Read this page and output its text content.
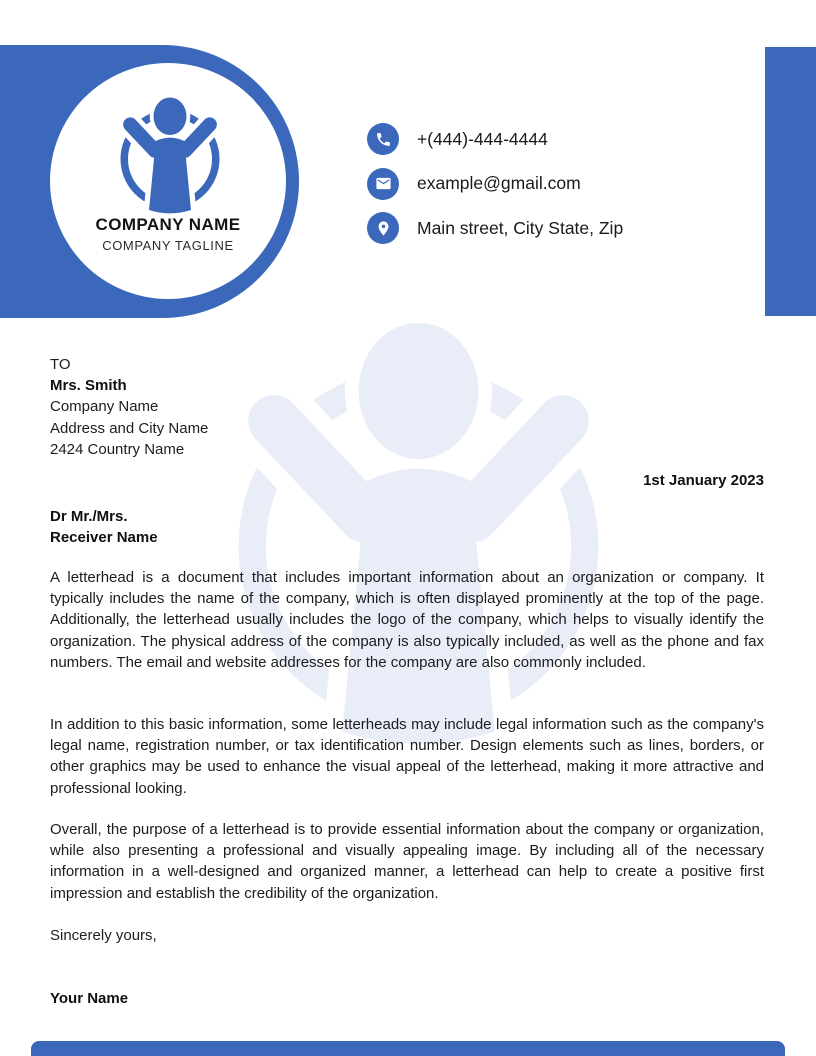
COMPANY NAME
COMPANY TAGLINE
+(444)-444-4444
example@gmail.com
Main street, City State, Zip
TO
Mrs. Smith
Company Name
Address and City Name
2424 Country Name
1st January 2023
Dr Mr./Mrs.
Receiver Name
A letterhead is a document that includes important information about an organization or company. It typically includes the name of the company, which is often displayed prominently at the top of the page. Additionally, the letterhead usually includes the logo of the company, which helps to visually identify the organization. The physical address of the company is also typically included, as well as the phone and fax numbers. The email and website addresses for the company are also commonly included.
In addition to this basic information, some letterheads may include legal information such as the company's legal name, registration number, or tax identification number. Design elements such as lines, borders, or other graphics may be used to enhance the visual appeal of the letterhead, making it more attractive and professional looking.
Overall, the purpose of a letterhead is to provide essential information about the company or organization, while also presenting a professional and visually appealing image. By including all of the necessary information in a well-designed and organized manner, a letterhead can help to create a positive first impression and establish the credibility of the organization.
Sincerely yours,
Your Name
